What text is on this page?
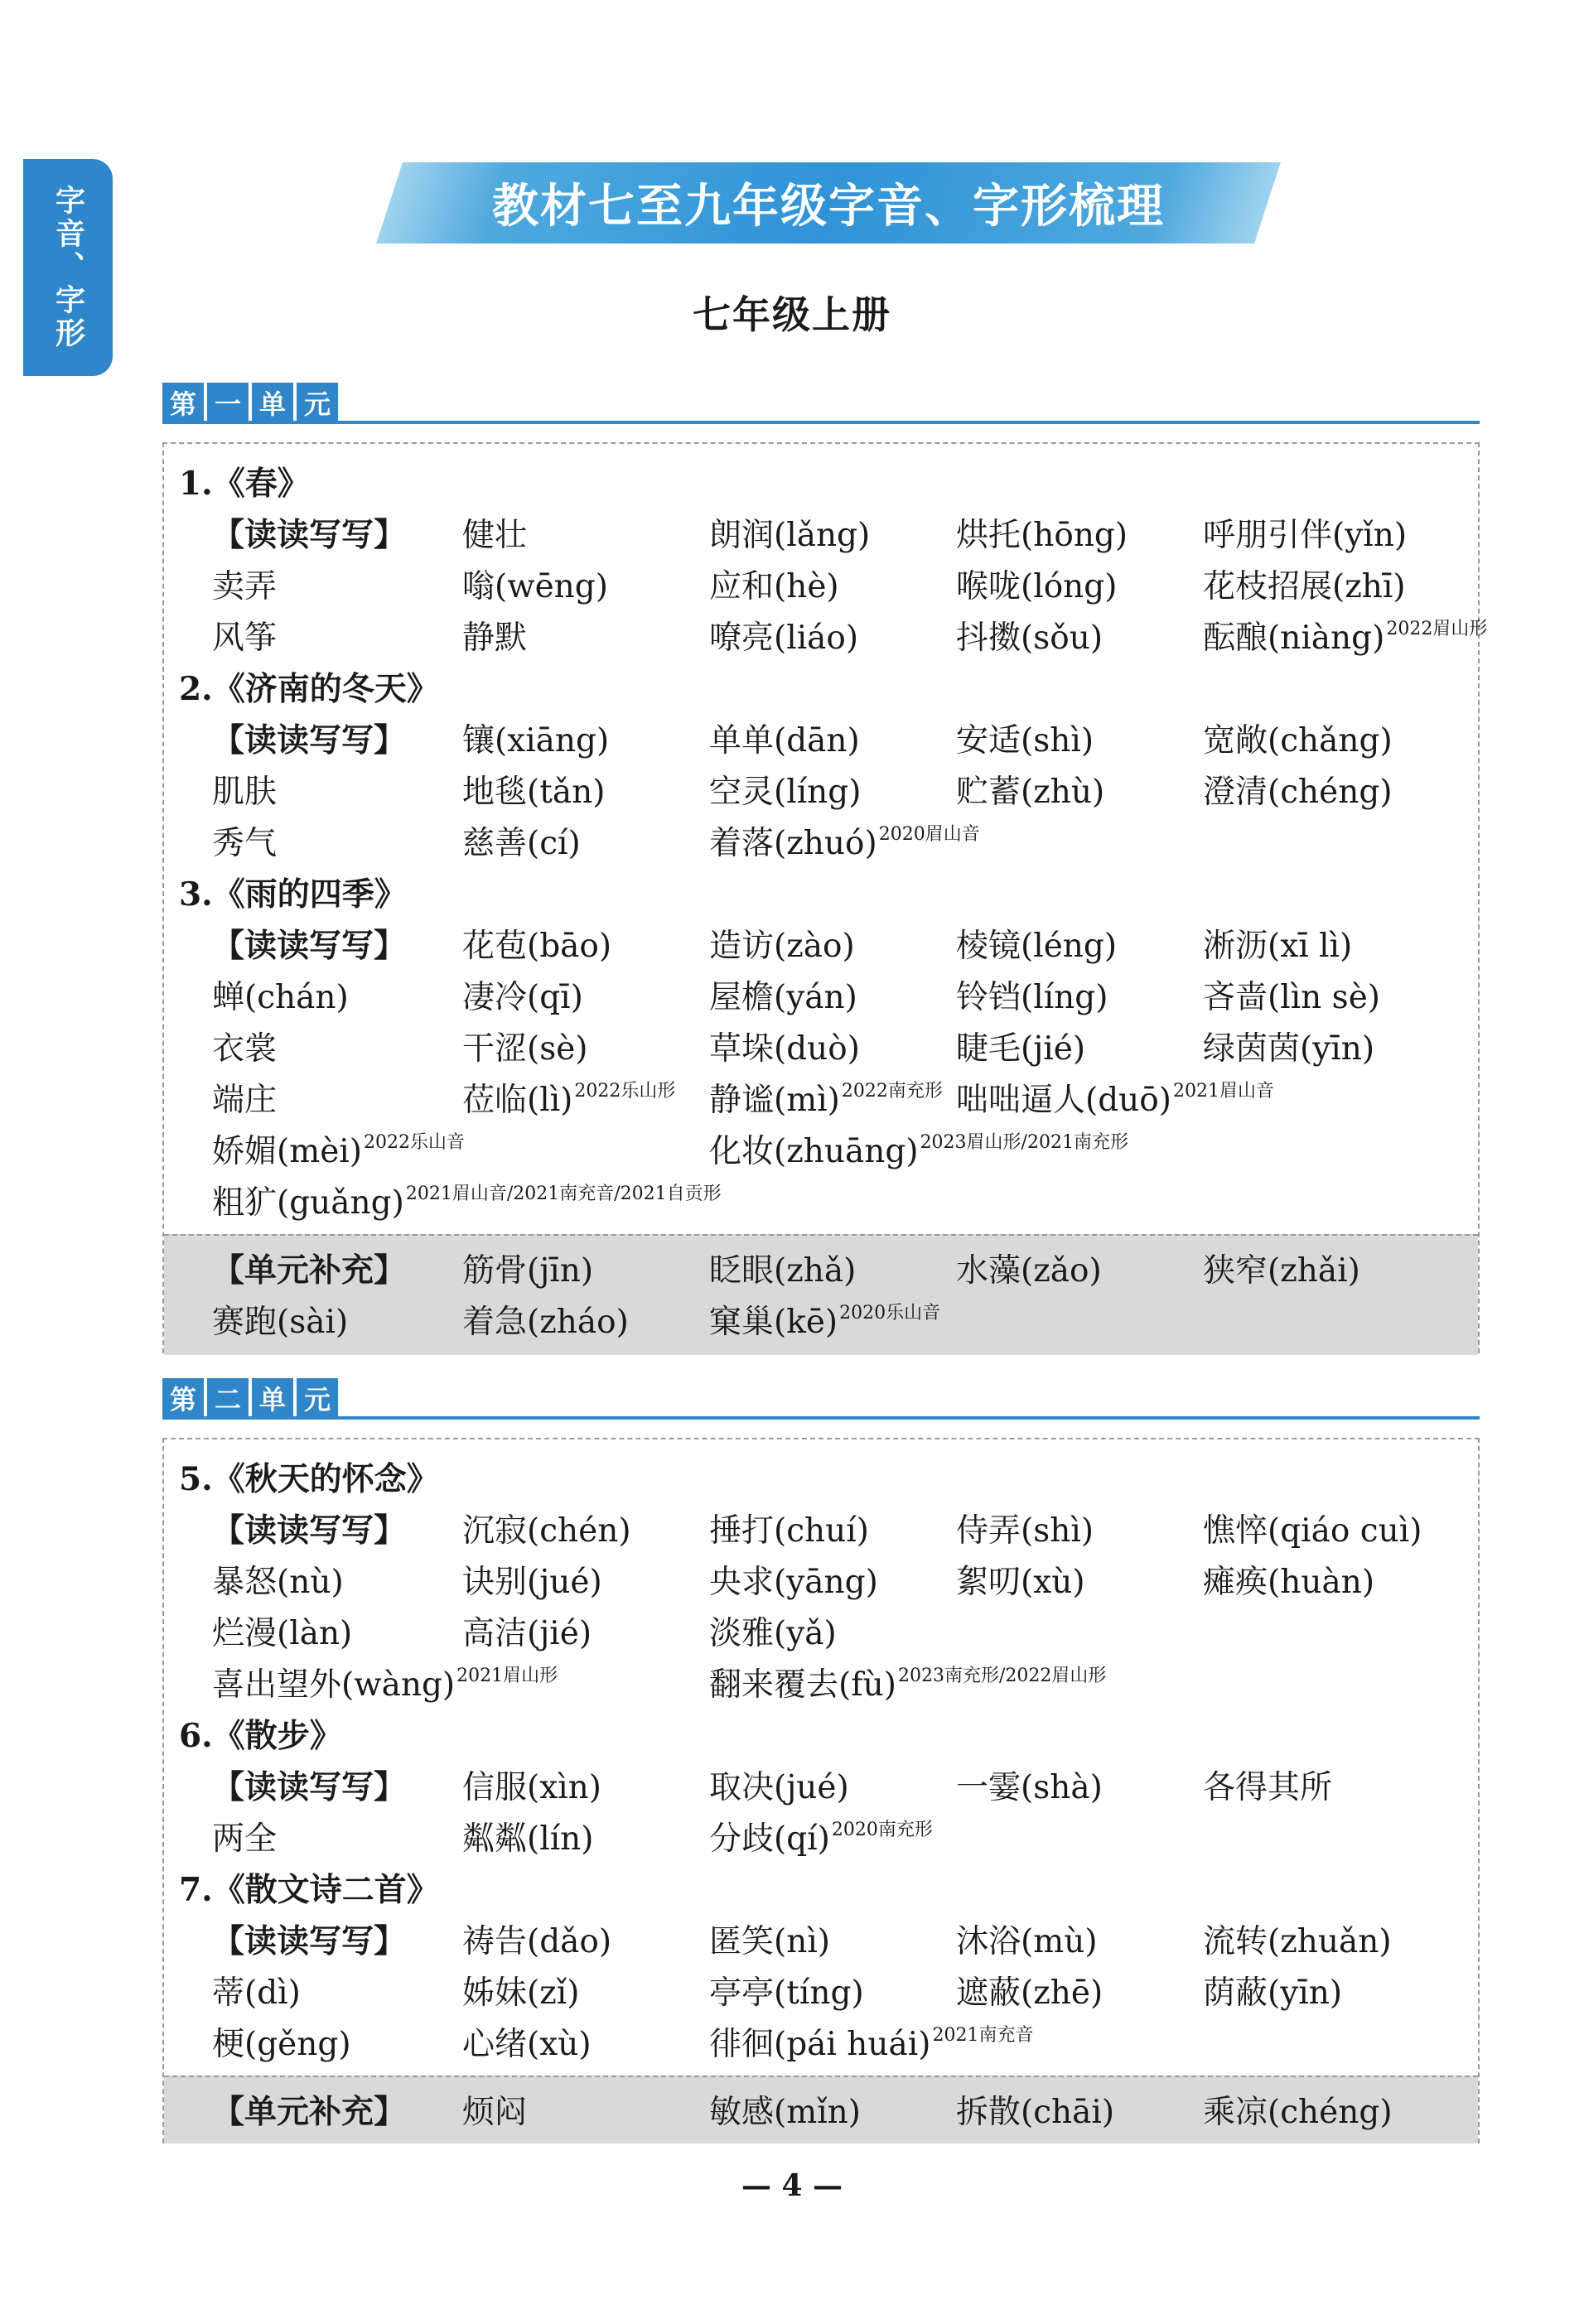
字音、字形	教材七至九年级字音、字形梳理
七年级上册
第 一 单 元
1.《春》
【读读写写】 健壮	朗润(lǎng)	烘托(hōng) 呼朋引伴(yǐn)
卖弄	嗡(wēng)	应和(hè)	喉咙(lóng)	花枝招展(zhī)
风筝	静默	嘹亮(liáo)	抖擞(sǒu)	酝酿(niàng) 2022眉山形
2.《济南的冬天》
【读读写写】 镶(xiāng)	单单(dān)	安适(shì)	宽敞(chǎng)
肌肤	地毯(tǎn)	空灵(líng)	贮蓄(zhù)	澄清(chéng)
秀气	慈善(cí)	着落(zhuó) 2020眉山音
3.《雨的四季》
【读读写写】 花苞(bāo)	造访(zào)	棱镜(léng)	淅沥(xī lì)
蝉(chán)	凄冷(qī)	屋檐(yán)	铃铛(líng)	吝啬(lìn sè)
衣裳	干涩(sè)	草垛(duò)	睫毛(jié)	绿茵茵(yīn)
端庄	莅临(lì) 2022乐山形 静谧(mì) 2022南充形 咄咄逼人(duō) 2021眉山音
娇媚(mèi) 2022乐山音	化妆(zhuāng) 2023眉山形/2021南充形
粗犷(guǎng) 2021眉山音/2021南充音/2021自贡形
【单元补充】 筋骨(jīn)	眨眼(zhǎ)	水藻(zǎo)	狭窄(zhǎi)
赛跑(sài)	着急(zháo) 窠巢(kē) 2020乐山音
第 二 单 元
5.《秋天的怀念》
【读读写写】 沉寂(chén) 捶打(chuí)	侍弄(shì)	憔悴(qiáo cuì)
暴怒(nù)	诀别(jué)	央求(yāng) 絮叨(xù)	瘫痪(huàn)
烂漫(làn)	高洁(jié)	淡雅(yǎ)
喜出望外(wàng) 2021眉山形	翻来覆去(fù) 2023南充形/2022眉山形
6.《散步》
【读读写写】 信服(xìn)	取决(jué)	一霎(shà)	各得其所
两全	粼粼(lín)	分歧(qí) 2020南充形
7.《散文诗二首》
【读读写写】 祷告(dǎo)	匿笑(nì)	沐浴(mù)	流转(zhuǎn)
蒂(dì)	姊妹(zǐ)	亭亭(tíng)	遮蔽(zhē)	荫蔽(yīn)
梗(gěng)	心绪(xù)	徘徊(pái huái) 2021南充音
【单元补充】 烦闷	敏感(mǐn)	拆散(chāi)	乘凉(chéng)
— 4 —
